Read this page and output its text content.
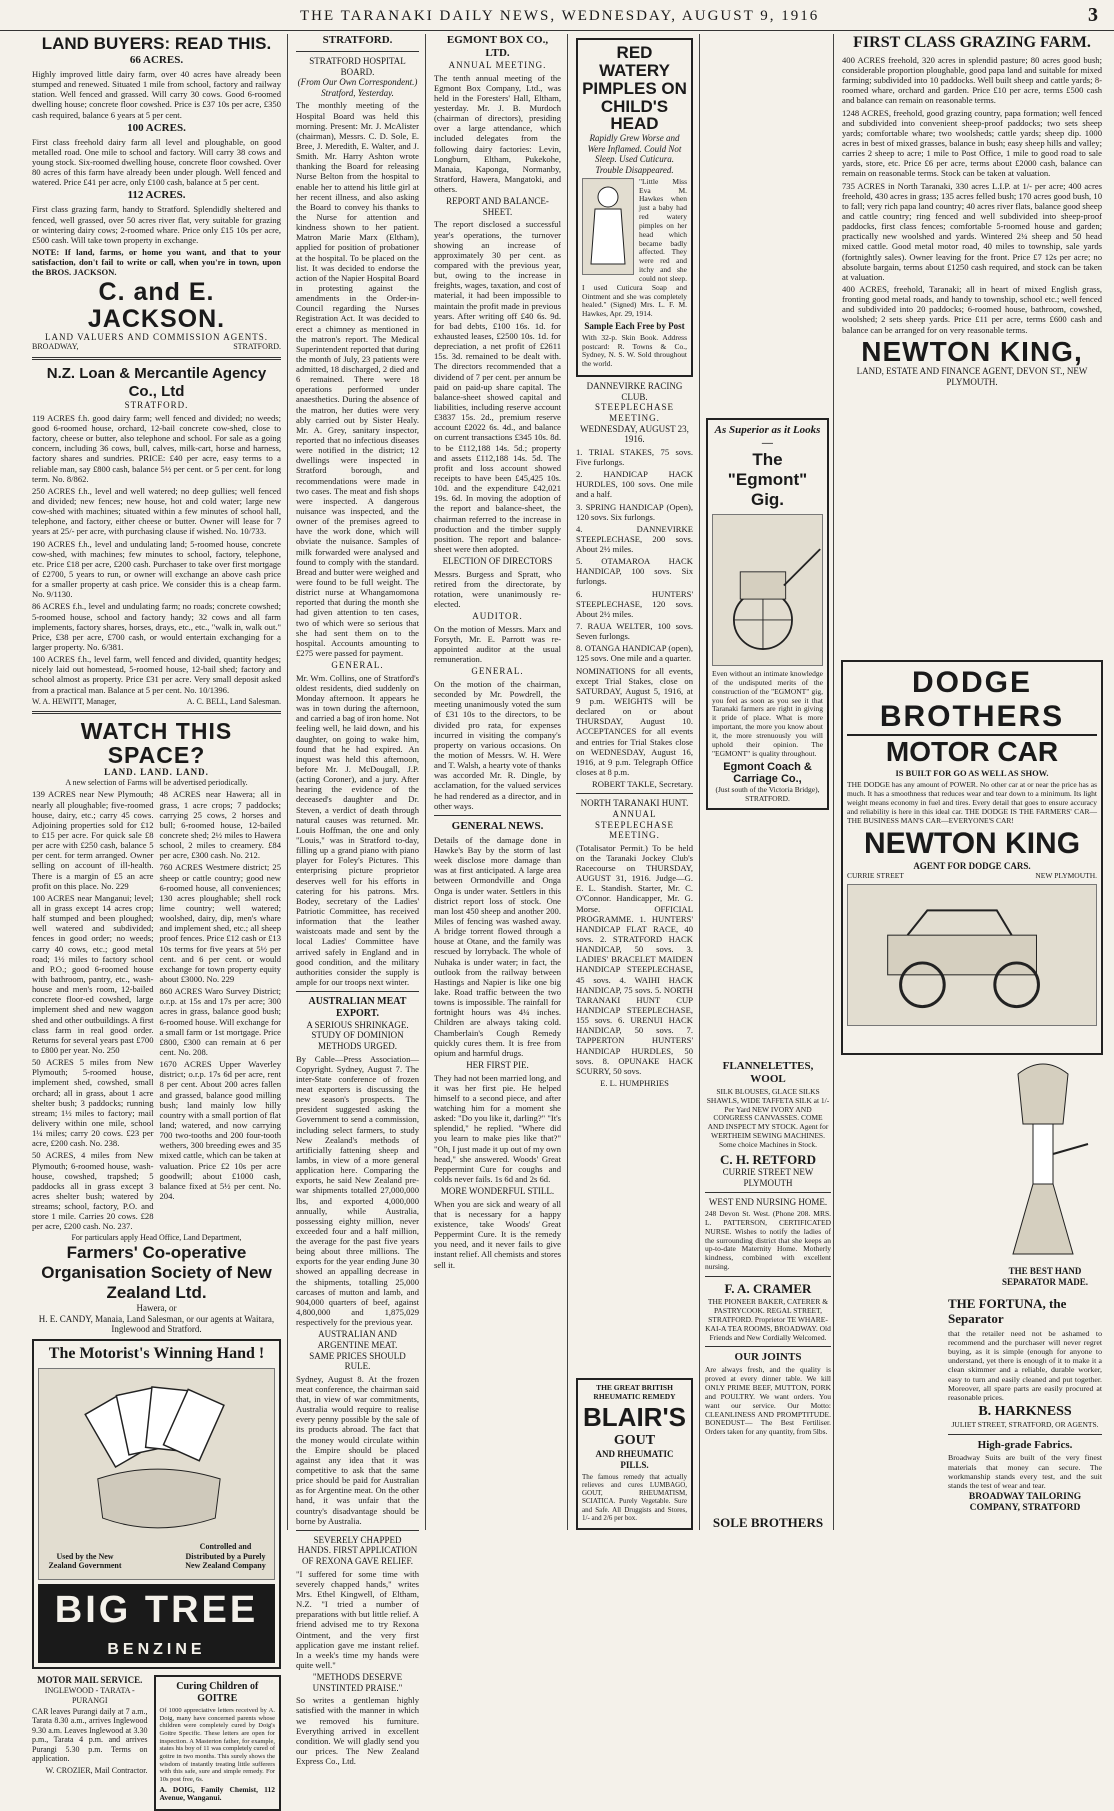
THE TARANAKI DAILY NEWS, WEDNESDAY, AUGUST 9, 1916	3
LAND BUYERS: READ THIS.
66 ACRES.

Highly improved little dairy farm, over 40 acres have already been stumped and renewed. Situated 1 mile from school, factory and railway station. Well fenced and grassed. Will carry 30 cows. Good 6-roomed dwelling house; concrete floor cowshed. Price is £37 10s per acre, £350 cash required, balance 6 years at 5 per cent.

100 ACRES.

First class freehold dairy farm all level and ploughable, on good metalled road. One mile to school and factory. Will carry 38 cows and young stock. Six-roomed dwelling house, concrete floor cowshed. Over 80 acres of this farm have already been under plough. Well fenced and watered. Price £41 per acre, only £100 cash, balance at 5 per cent.

112 ACRES.

First class grazing farm, handy to Stratford. Splendidly sheltered and fenced, well grassed, over 50 acres river flat, very suitable for grazing or wintering dairy cows; 2-roomed whare. Price only £15 10s per acre, £500 cash. Will take town property in exchange.

NOTE: If land, farms, or home you want, and that to your satisfaction, don't fail to write or call, when you're in town, upon the BROS. JACKSON.

C. and E. JACKSON.
LAND VALUERS AND COMMISSION AGENTS.
BROADWAY,	STRATFORD.
N.Z. Loan & Mercantile Agency Co., Ltd
STRATFORD.

119 ACRES f.h. good dairy farm; well fenced and divided; no weeds; good 6-roomed house, orchard, 12-bail concrete cow-shed, close to factory, cheese or butter, also telephone and school. For sale as a going concern, including 36 cows, bull, calves, milk-cart, horse and harness, factory shares and sundries. PRICE: £40 per acre, easy terms to a reliable man, say £800 cash, balance 5½ per cent. or 5 per cent. for long term. No. 8/862.

250 ACRES f.h., level and well watered; no deep gullies; well fenced and divided; new fences; new house, hot and cold water; large new cow-shed with machines; situated within a few minutes of school hall, telephone, and factory, either cheese or butter. Owner will lease for 7 years at 25/- per acre, with purchasing clause if wished. No. 10/733.

190 ACRES f.h., level and undulating land; 5-roomed house, concrete cow-shed, with machines; few minutes to school, factory, telephone, etc. Price £18 per acre, £200 cash. Purchaser to take over first mortgage of £2700, 5 years to run, or owner will exchange an above cash price for a smaller property at cash price. We consider this is a cheap farm. No. 9/1130.

86 ACRES f.h., level and undulating farm; no roads; concrete cowshed; 5-roomed house, school and factory handy; 32 cows and all farm implements, factory shares, horses, drays, etc., etc., "walk in, walk out." Price, £38 per acre, £700 cash, or would entertain exchanging for a larger property. No. 6/381.

100 ACRES f.h., level farm, well fenced and divided, quantity hedges; nicely laid out homestead, 5-roomed house, 12-bail shed; factory and school almost as property. Price £31 per acre. Very small deposit asked from a practical man. Balance at 5 per cent. No. 10/1396.

W. A. HEWITT, Manager,	A. C. BELL, Land Salesman.
WATCH THIS SPACE?
LAND. LAND. LAND.
A new selection of Farms will be advertised periodically.

139 ACRES near New Plymouth; nearly all ploughable; five-roomed house, dairy, etc.; carry 45 cows. Adjoining properties sold for £12 to £15 per acre. For quick sale £8 per acre with £250 cash, balance 5 per cent. for term arranged. Owner selling on account of ill-health. There is a margin of £5 an acre profit on this place. No. 229

100 ACRES near Manganui; level; all in grass except 14 acres crop; half stumped and been ploughed; well watered and subdivided; fences in good order; no weeds; carry 40 cows, etc.; good metal road; 1½ miles to factory school and P.O.; good 6-roomed house with bathroom, pantry, etc., wash-house and men's room, 12-bailed concrete floor-ed cowshed, large implement shed and new waggon shed and other outbuildings. A first class farm in real good order. Returns for several years past £700 to £800 per year. No. 250

50 ACRES 5 miles from New Plymouth; 5-roomed house, implement shed, cowshed, small orchard; all in grass, about 1 acre shelter bush; 3 paddocks; running stream; 1½ miles to factory; mail delivery within one mile, school 1¼ miles; carry 20 cows. £23 per acre, £200 cash. No. 238.

50 ACRES, 4 miles from New Plymouth; 6-roomed house, wash-house, cowshed, trapshed; 5 paddocks all in grass except 3 acres shelter bush; watered by streams; school, factory, P.O. and store 1 mile. Carries 20 cows. £28 per acre, £200 cash. No. 237.

48 ACRES near Hawera; all in grass, 1 acre crops; 7 paddocks; carrying 25 cows, 2 horses and bull; 6-roomed house, 12-bailed concrete shed; 2½ miles to Hawera school, 2 miles to creamery. £84 per acre, £300 cash. No. 212.

760 ACRES Westmere district; 25 sheep or cattle country; good new 6-roomed house, all conveniences; 130 acres ploughable; shell rock lime country; well watered; woolshed, dairy, dip, men's whare and implement shed, etc.; all sheep proof fences. Price £12 cash or £13 10s terms for five years at 5½ per cent. and 6 per cent. or would exchange for town property equity about £3000. No. 229

860 ACRES Waro Survey District; o.r.p. at 15s and 17s per acre; 300 acres in grass, balance good bush; 6-roomed house. Will exchange for a small farm or 1st mortgage. Price £800, £300 can remain at 6 per cent. No. 208.

1670 ACRES Upper Waverley district; o.r.p. 17s 6d per acre, rent 8 per cent. About 200 acres fallen and grassed, balance good milling bush; land mainly low hilly country with a small portion of flat land; watered, and now carrying 700 two-tooths and 200 four-tooth wethers, 300 breeding ewes and 35 mixed cattle, which can be taken at valuation. Price £2 10s per acre goodwill; about £1000 cash, balance fixed at 5½ per cent. No. 204.

For particulars apply Head Office, Land Department,
Farmers' Co-operative Organisation Society of New Zealand Ltd.
Hawera, or
H. E. CANDY, Manaia, Land Salesman, or our agents at Waitara, Inglewood and Stratford.
The Motorist's Winning Hand !
Used by the New Zealand Government
Controlled and Distributed by a Purely New Zealand Company
BIG TREE
BENZINE
MOTOR MAIL SERVICE.
INGLEWOOD - TARATA - PURANGI

CAR leaves Purangi daily at 7 a.m., Tarata 8.30 a.m., arrives Inglewood 9.30 a.m. Leaves Inglewood at 3.30 p.m., Tarata 4 p.m. and arrives Purangi 5.30 p.m. Terms on application.

W. CROZIER, Mail Contractor.

Curing Children of GOITRE

Of 1000 appreciative letters received by A. Doig, many have concerned parents whose children were completely cured by Doig's Goitre Specific. These letters are open for inspection. A Masterton father, for example, states his boy of 11 was completely cured of goitre in two months. This surely shows the wisdom of instantly treating little sufferers with this safe, sure and simple remedy. For 10s post free, 6s.

A. DOIG, Family Chemist, 112 Avenue, Wanganui.

STRATFORD.
STRATFORD HOSPITAL BOARD.
(From Our Own Correspondent.) Stratford, Yesterday.

The monthly meeting of the Hospital Board was held this morning. Present: Mr. J. McAlister (chairman), Messrs. C. D. Sole, E. Bree, J. Meredith, E. Walter, and J. Smith. Mr. Harry Ashton wrote thanking the Board for releasing Nurse Belton from the hospital to enable her to attend his little girl at her recent illness, and also asking the Board to convey his thanks to the Nurse for attention and kindness shown to her patient. Matron Marie Marx (Eltham), applied for position of probationer at the hospital. To be placed on the list. It was decided to endorse the action of the Napier Hospital Board in protesting against the amendments in the Order-in-Council regarding the Nurses Registration Act. It was decided to erect a chimney as mentioned in the matron's report. The Medical Superintendent reported that during the month of July, 23 patients were admitted, 18 discharged, 2 died and 6 remained. There were 18 operations performed under anaesthetics. During the absence of the matron, her duties were very ably carried out by Sister Healy. Mr. A. Grey, sanitary inspector, reported that no infectious diseases were notified in the district; 12 dwellings were inspected in Stratford borough, and recommendations were made in two cases. The meat and fish shops were inspected. A dangerous nuisance was inspected, and the owner of the premises agreed to have the work done, which will obviate the nuisance. Samples of milk forwarded were analysed and found to comply with the standard. Bread and butter were weighed and were found to be full weight. The district nurse at Whangamomona reported that during the month she had given attention to ten cases, two of which were so serious that she had sent them on to the hospital. Accounts amounting to £275 were passed for payment.

GENERAL.

Mr. Wm. Collins, one of Stratford's oldest residents, died suddenly on Monday afternoon. It appears he was in town during the afternoon, and carried a bag of iron home. Not feeling well, he laid down, and his daughter, on going to wake him, found that he had expired. An inquest was held this afternoon, before Mr. J. McDougall, J.P. (acting Coroner), and a jury. After hearing the evidence of the deceased's daughter and Dr. Steven, a verdict of death through natural causes was returned. Mr. Louis Hoffman, the one and only "Louis," was in Stratford to-day, filling up a grand piano with piano player for Foley's Pictures. This enterprising picture proprietor deserves well for his efforts in catering for his patrons. Mrs. Bodey, secretary of the Ladies' Patriotic Committee, has received information that the leather waistcoats made and sent by the local Ladies' Committee have arrived safely in England and in good condition, and the military authorities consider the supply is ample for our troops next winter.

AUSTRALIAN MEAT EXPORT.
A SERIOUS SHRINKAGE.
STUDY OF DOMINION METHODS URGED.

By Cable—Press Association—Copyright. Sydney, August 7. The inter-State conference of frozen meat exporters is discussing the new season's prospects. The president suggested asking the Government to send a commission, including select farmers, to study New Zealand's methods of artificially fattening sheep and lambs, in view of a more general application here. Comparing the exports, he said New Zealand pre-war shipments totalled 27,000,000 lbs, and exported 4,000,000 annually, while Australia, possessing eighty million, never exceeded four and a half million, the average for the past five years being about three millions. The exports for the year ending June 30 showed an appalling decrease in the shipments, totalling 25,000 carcases of mutton and lamb, and 904,000 quarters of beef, against 4,800,000 and 1,875,029 respectively for the previous year.

AUSTRALIAN AND ARGENTINE MEAT.
SAME PRICES SHOULD RULE.

Sydney, August 8. At the frozen meat conference, the chairman said that, in view of war commitments, Australia would require to realise every penny possible by the sale of its products abroad. The fact that the money would circulate within the Empire should be placed against any idea that it was competitive to ask that the same price should be paid for Australian as for Argentine meat. On the other hand, it was unfair that the country's disadvantage should be borne by Australia.

SEVERELY CHAPPED HANDS. FIRST APPLICATION OF REXONA GAVE RELIEF.

"I suffered for some time with severely chapped hands," writes Mrs. Ethel Kingwell, of Eltham, N.Z. "I tried a number of preparations with but little relief. A friend advised me to try Rexona Ointment, and the very first application gave me instant relief. In a week's time my hands were quite well."

"METHODS DESERVE UNSTINTED PRAISE."

So writes a gentleman highly satisfied with the manner in which we removed his furniture. Everything arrived in excellent condition. We will gladly send you our prices. The New Zealand Express Co., Ltd.

EGMONT BOX CO., LTD.
ANNUAL MEETING.

The tenth annual meeting of the Egmont Box Company, Ltd., was held in the Foresters' Hall, Eltham, yesterday. Mr. J. B. Murdoch (chairman of directors), presiding over a large attendance, which included delegates from the following dairy factories: Levin, Longburn, Eltham, Pukekohe, Manaia, Kaponga, Normanby, Stratford, Hawera, Mangatoki, and others.

REPORT AND BALANCE-SHEET.

The report disclosed a successful year's operations, the turnover showing an increase of approximately 30 per cent. as compared with the previous year, but, owing to the increase in freights, wages, taxation, and cost of material, it had been impossible to maintain the profit made in previous years. After writing off £40 6s. 9d. for bad debts, £100 16s. 1d. for exhausted leases, £2500 10s. 1d. for depreciation, a net profit of £2611 15s. 3d. remained to be dealt with. The directors recommended that a dividend of 7 per cent. per annum be paid on paid-up share capital. The balance-sheet showed capital and liabilities, including reserve account £3837 15s. 2d., premium reserve account £2022 6s. 4d., and balance on current transactions £345 10s. 8d. to be £112,188 14s. 5d.; property and assets £112,188 14s. 5d. The profit and loss account showed receipts to have been £45,425 10s. 10d. and the expenditure £42,021 19s. 6d. In moving the adoption of the report and balance-sheet, the chairman referred to the increase in production and the timber supply position. The report and balance-sheet were then adopted.

ELECTION OF DIRECTORS

Messrs. Burgess and Spratt, who retired from the directorate, by rotation, were unanimously re-elected.

AUDITOR.

On the motion of Messrs. Marx and Forsyth, Mr. E. Parrott was re-appointed auditor at the usual remuneration.

GENERAL.

On the motion of the chairman, seconded by Mr. Powdrell, the meeting unanimously voted the sum of £31 10s to the directors, to be divided pro rata, for expenses incurred in visiting the company's property on various occasions. On the motion of Messrs. W. H. Were and T. Walsh, a hearty vote of thanks was accorded Mr. R. Dingle, by acclamation, for the valued services he had rendered as a director, and in other ways.

GENERAL NEWS.

Details of the damage done in Hawke's Bay by the storm of last week disclose more damage than was at first anticipated. A large area between Ormondville and Onga Onga is under water. Settlers in this district report loss of stock. One man lost 450 sheep and another 200. Miles of fencing was washed away. A bridge torrent flowed through a house at Otane, and the family was rescued by lorryback. The whole of Nuhaka is under water; in fact, the outlook from the railway between Hastings and Napier is like one big lake. Road traffic between the two towns is impossible. The rainfall for fortnight hours was 4¼ inches. Children are always taking cold. Chamberlain's Cough Remedy quickly cures them. It is free from opium and harmful drugs.

HER FIRST PIE.

They had not been married long, and it was her first pie. He helped himself to a second piece, and after watching him for a moment she asked: "Do you like it, darling?" "It's splendid," he replied. "Where did you learn to make pies like that?" "Oh, I just made it up out of my own head," she answered. Woods' Great Peppermint Cure for coughs and colds never fails. 1s 6d and 2s 6d.

MORE WONDERFUL STILL.

When you are sick and weary of all that is necessary for a happy existence, take Woods' Great Peppermint Cure. It is the remedy you need, and it never fails to give instant relief. All chemists and stores sell it.

RED WATERY PIMPLES ON CHILD'S HEAD
Rapidly Grew Worse and Were Inflamed. Could Not Sleep. Used Cuticura. Trouble Disappeared.

"Little Miss Eva M. Hawkes when just a baby had red watery pimples on her head which became badly affected. They were red and itchy and she could not sleep. I used Cuticura Soap and Ointment and she was completely healed." (Signed) Mrs. L. F. M. Hawkes, Apr. 29, 1914.

Sample Each Free by Post

With 32-p. Skin Book. Address postcard: R. Towns & Co., Sydney, N. S. W. Sold throughout the world.

DANNEVIRKE RACING CLUB.
STEEPLECHASE MEETING.
WEDNESDAY, AUGUST 23, 1916.

1. TRIAL STAKES, 75 sovs. Five furlongs.

2. HANDICAP HACK HURDLES, 100 sovs. One mile and a half.

3. SPRING HANDICAP (Open), 120 sovs. Six furlongs.

4. DANNEVIRKE STEEPLECHASE, 200 sovs. About 2½ miles.

5. OTAMAROA HACK HANDICAP, 100 sovs. Six furlongs.

6. HUNTERS' STEEPLECHASE, 120 sovs. About 2½ miles.

7. RAUA WELTER, 100 sovs. Seven furlongs.

8. OTANGA HANDICAP (open), 125 sovs. One mile and a quarter.

NOMINATIONS for all events, except Trial Stakes, close on SATURDAY, August 5, 1916, at 9 p.m. WEIGHTS will be declared on or about THURSDAY, August 10. ACCEPTANCES for all events and entries for Trial Stakes close on WEDNESDAY, August 16, 1916, at 9 p.m. Telegraph Office closes at 8 p.m.

ROBERT TAKLE, Secretary.

NORTH TARANAKI HUNT.
ANNUAL STEEPLECHASE MEETING.

(Totalisator Permit.) To be held on the Taranaki Jockey Club's Racecourse on THURSDAY, AUGUST 31, 1916. Judge—G. E. L. Standish. Starter, Mr. C. O'Connor. Handicapper, Mr. G. Morse. OFFICIAL PROGRAMME. 1. HUNTERS' HANDICAP FLAT RACE, 40 sovs. 2. STRATFORD HACK HANDICAP, 50 sovs. 3. LADIES' BRACELET MAIDEN HANDICAP STEEPLECHASE, 45 sovs. 4. WAIHI HACK HANDICAP, 75 sovs. 5. NORTH TARANAKI HUNT CUP HANDICAP STEEPLECHASE, 155 sovs. 6. URENUI HACK HANDICAP, 50 sovs. 7. TAPPERTON HUNTERS' HANDICAP HURDLES, 50 sovs. 8. OPUNAKE HACK SCURRY, 50 sovs.

E. L. HUMPHRIES

THE GREAT BRITISH RHEUMATIC REMEDY
BLAIR'S
GOUT
AND RHEUMATIC PILLS.

The famous remedy that actually relieves and cures LUMBAGO, GOUT, RHEUMATISM, SCIATICA. Purely Vegetable. Sure and Safe. All Druggists and Stores, 1/- and 2/6 per box.

As Superior as it Looks—
The "Egmont" Gig.

Even without an intimate knowledge of the undisputed merits of the construction of the "EGMONT" gig, you feel as soon as you see it that Taranaki farmers are right in giving it pride of place. What is more important, the more you know about it, the more strenuously you will uphold their opinion. The "EGMONT" is quality throughout.

Egmont Coach & Carriage Co.,
(Just south of the Victoria Bridge), STRATFORD.
DODGE BROTHERS
MOTOR CAR
IS BUILT FOR GO AS WELL AS SHOW.

THE DODGE has any amount of POWER. No other car at or near the price has as much. It has a smoothness that reduces wear and tear down to a minimum. Its light weight means economy in fuel and tires. Every detail that goes to ensure accuracy and reliability is here in this ideal car. THE DODGE IS THE FARMERS' CAR—THE BUSINESS MAN'S CAR—EVERYONE'S CAR!

NEWTON KING
AGENT FOR DODGE CARS.
CURRIE STREET	NEW PLYMOUTH.
FLANNELETTES, WOOL

SILK BLOUSES, GLACE SILKS SHAWLS, WIDE TAFFETA SILK at 1/- Per Yard NEW IVORY AND CONGRESS CANVASSES. COME AND INSPECT MY STOCK. Agent for WERTHEIM SEWING MACHINES. Some choice Machines in Stock.

C. H. RETFORD
CURRIE STREET NEW PLYMOUTH
WEST END NURSING HOME.

248 Devon St. West. (Phone 208. MRS. L. PATTERSON, CERTIFICATED NURSE. Wishes to notify the ladies of the surrounding district that she keeps an up-to-date Maternity Home. Motherly kindness, combined with excellent nursing.

F. A. CRAMER

THE PIONEER BAKER, CATERER & PASTRYCOOK. REGAL STREET, STRATFORD. Proprietor TE WHARE-KAI-A TEA ROOMS, BROADWAY. Old Friends and New Cordially Welcomed.

OUR JOINTS

Are always fresh, and the quality is proved at every dinner table. We kill ONLY PRIME BEEF, MUTTON, PORK and POULTRY. We want orders. You want our service. Our Motto: CLEANLINESS AND PROMPTITUDE. BONEDUST— The Best Fertiliser. Orders taken for any quantity, from 5lbs.

SOLE BROTHERS
FIRST CLASS GRAZING FARM.

400 ACRES freehold, 320 acres in splendid pasture; 80 acres good bush; considerable proportion ploughable, good papa land and suitable for mixed farming; subdivided into 10 paddocks. Well built sheep and cattle yards; 8-roomed whare, orchard and garden. Price £10 per acre, terms £500 cash and balance can remain on reasonable terms.

1248 ACRES, freehold, good grazing country, papa formation; well fenced and subdivided into convenient sheep-proof paddocks; two sets sheep yards; comfortable whare; two woolsheds; cattle yards; sheep dip. 1000 acres in best of mixed grasses, balance in bush; easy sheep hills and valley; carries 2 sheep to acre; 1 mile to Post Office, 1 mile to good road to sale yards, store, etc. Price £6 per acre, terms about £2000 cash, balance can remain on reasonable terms. Stock can be taken at valuation.

735 ACRES in North Taranaki, 330 acres L.I.P. at 1/- per acre; 400 acres freehold, 430 acres in grass; 135 acres felled bush; 170 acres good bush, 10 to fall; very rich papa land country; 40 acres river flats, balance good sheep and cattle country; ring fenced and well subdivided into sheep-proof paddocks, first class fences; comfortable 5-roomed house and garden; practically new woolshed and yards. Wintered 2¼ sheep and 50 head mixed cattle. Good metal motor road, 40 miles to township, sale yards (fortnightly sales). Owner leaving for the front. Price £7 12s per acre; no absolute bargain, terms about £1250 cash required, and stock can be taken at valuation.

400 ACRES, freehold, Taranaki; all in heart of mixed English grass, fronting good metal roads, and handy to township, school etc.; well fenced and subdivided into 20 paddocks; 6-roomed house, bathroom, cowshed, woolshed; 2 sets sheep yards. Price £11 per acre, terms £600 cash and balance can be arranged for on very reasonable terms.

NEWTON KING,
LAND, ESTATE AND FINANCE AGENT, DEVON ST., NEW PLYMOUTH.
THE BEST HAND SEPARATOR MADE.
THE FORTUNA, the Separator

that the retailer need not be ashamed to recommend and the purchaser will never regret buying, as it is simple (enough for anyone to understand, yet there is enough of it to make it a clean skimmer and a reliable, durable worker, easy to turn and easily cleaned and put together. Moreover, all spare parts are easily procured at reasonable prices.

B. HARKNESS
JULIET STREET, STRATFORD, OR AGENTS.
High-grade Fabrics.

Broadway Suits are built of the very finest materials that money can secure. The workmanship stands every test, and the suit stands the test of wear and tear.

BROADWAY TAILORING COMPANY, STRATFORD
